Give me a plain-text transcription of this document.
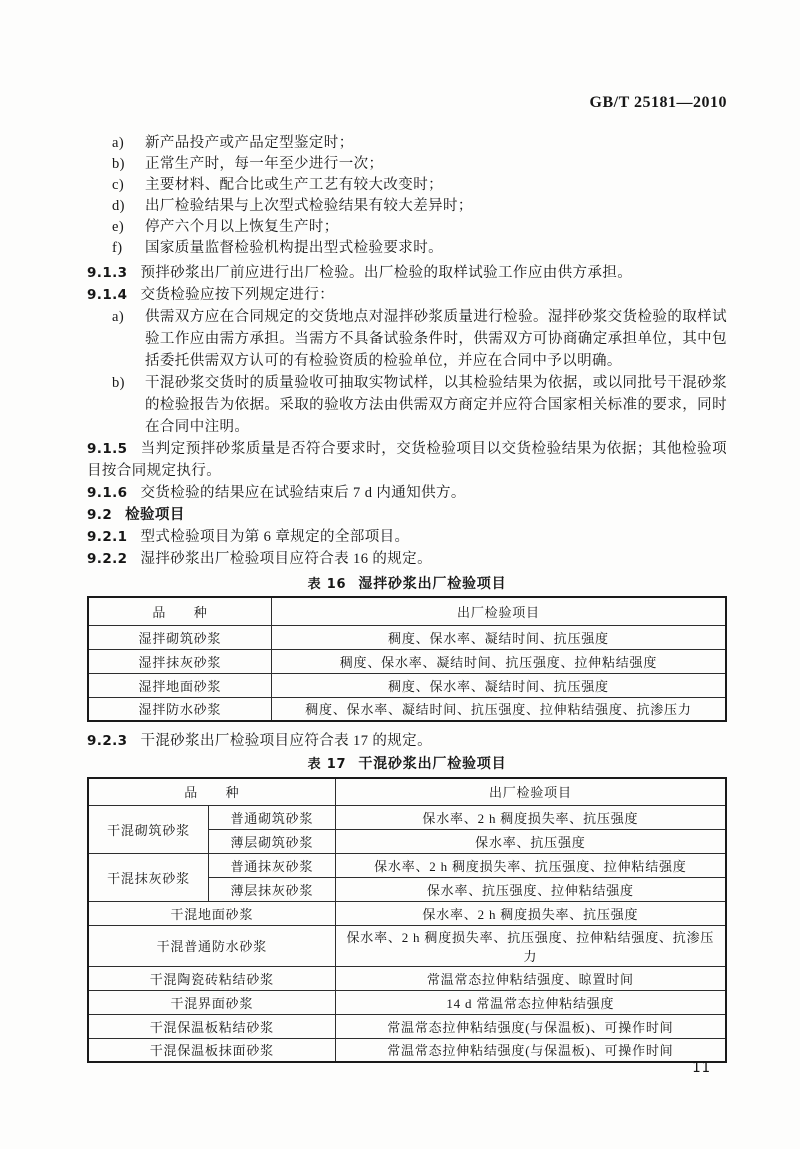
GB/T 25181—2010
a)	新产品投产或产品定型鉴定时；
b)	正常生产时，每一年至少进行一次；
c)	主要材料、配合比或生产工艺有较大改变时；
d)	出厂检验结果与上次型式检验结果有较大差异时；
e)	停产六个月以上恢复生产时；
f)	国家质量监督检验机构提出型式检验要求时。
9.1.3 预拌砂浆出厂前应进行出厂检验。出厂检验的取样试验工作应由供方承担。
9.1.4 交货检验应按下列规定进行：
a)	供需双方应在合同规定的交货地点对湿拌砂浆质量进行检验。湿拌砂浆交货检验的取样试验工作应由需方承担。当需方不具备试验条件时，供需双方可协商确定承担单位，其中包括委托供需双方认可的有检验资质的检验单位，并应在合同中予以明确。
b)	干混砂浆交货时的质量验收可抽取实物试样，以其检验结果为依据，或以同批号干混砂浆的检验报告为依据。采取的验收方法由供需双方商定并应符合国家相关标准的要求，同时在合同中注明。
9.1.5 当判定预拌砂浆质量是否符合要求时，交货检验项目以交货检验结果为依据；其他检验项目按合同规定执行。
9.1.6 交货检验的结果应在试验结束后 7 d 内通知供方。
9.2 检验项目
9.2.1 型式检验项目为第 6 章规定的全部项目。
9.2.2 湿拌砂浆出厂检验项目应符合表 16 的规定。
表 16 湿拌砂浆出厂检验项目
品　　种	出厂检验项目
湿拌砌筑砂浆	稠度、保水率、凝结时间、抗压强度
湿拌抹灰砂浆	稠度、保水率、凝结时间、抗压强度、拉伸粘结强度
湿拌地面砂浆	稠度、保水率、凝结时间、抗压强度
湿拌防水砂浆	稠度、保水率、凝结时间、抗压强度、拉伸粘结强度、抗渗压力
9.2.3 干混砂浆出厂检验项目应符合表 17 的规定。
表 17 干混砂浆出厂检验项目
品　　种		出厂检验项目
干混砌筑砂浆	普通砌筑砂浆	保水率、2 h 稠度损失率、抗压强度
	薄层砌筑砂浆	保水率、抗压强度
干混抹灰砂浆	普通抹灰砂浆	保水率、2 h 稠度损失率、抗压强度、拉伸粘结强度
	薄层抹灰砂浆	保水率、抗压强度、拉伸粘结强度
干混地面砂浆		保水率、2 h 稠度损失率、抗压强度
干混普通防水砂浆		保水率、2 h 稠度损失率、抗压强度、拉伸粘结强度、抗渗压力
干混陶瓷砖粘结砂浆		常温常态拉伸粘结强度、晾置时间
干混界面砂浆		14 d 常温常态拉伸粘结强度
干混保温板粘结砂浆		常温常态拉伸粘结强度(与保温板)、可操作时间
干混保温板抹面砂浆		常温常态拉伸粘结强度(与保温板)、可操作时间
11
